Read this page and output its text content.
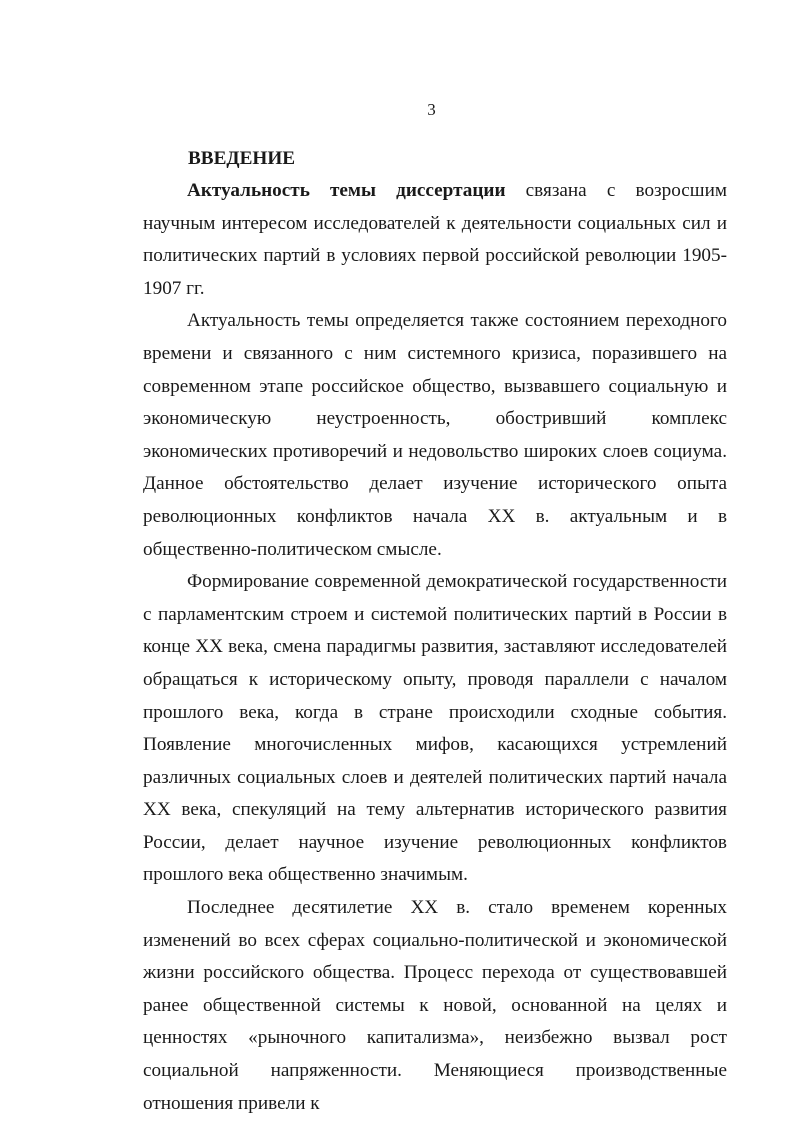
3
ВВЕДЕНИЕ

Актуальность темы диссертации связана с возросшим научным интересом исследователей к деятельности социальных сил и политических партий в условиях первой российской революции 1905-1907 гг.

Актуальность темы определяется также состоянием переходного времени и связанного с ним системного кризиса, поразившего на современном этапе российское общество, вызвавшего социальную и экономическую неустроенность, обостривший комплекс экономических противоречий и недовольство широких слоев социума. Данное обстоятельство делает изучение исторического опыта революционных конфликтов начала XX в. актуальным и в общественно-политическом смысле.

Формирование современной демократической государственности с парламентским строем и системой политических партий в России в конце XX века, смена парадигмы развития, заставляют исследователей обращаться к историческому опыту, проводя параллели с началом прошлого века, когда в стране происходили сходные события. Появление многочисленных мифов, касающихся устремлений различных социальных слоев и деятелей политических партий начала XX века, спекуляций на тему альтернатив исторического развития России, делает научное изучение революционных конфликтов прошлого века общественно значимым.

Последнее десятилетие XX в. стало временем коренных изменений во всех сферах социально-политической и экономической жизни российского общества. Процесс перехода от существовавшей ранее общественной системы к новой, основанной на целях и ценностях «рыночного капитализма», неизбежно вызвал рост социальной напряженности. Меняющиеся производственные отношения привели к
